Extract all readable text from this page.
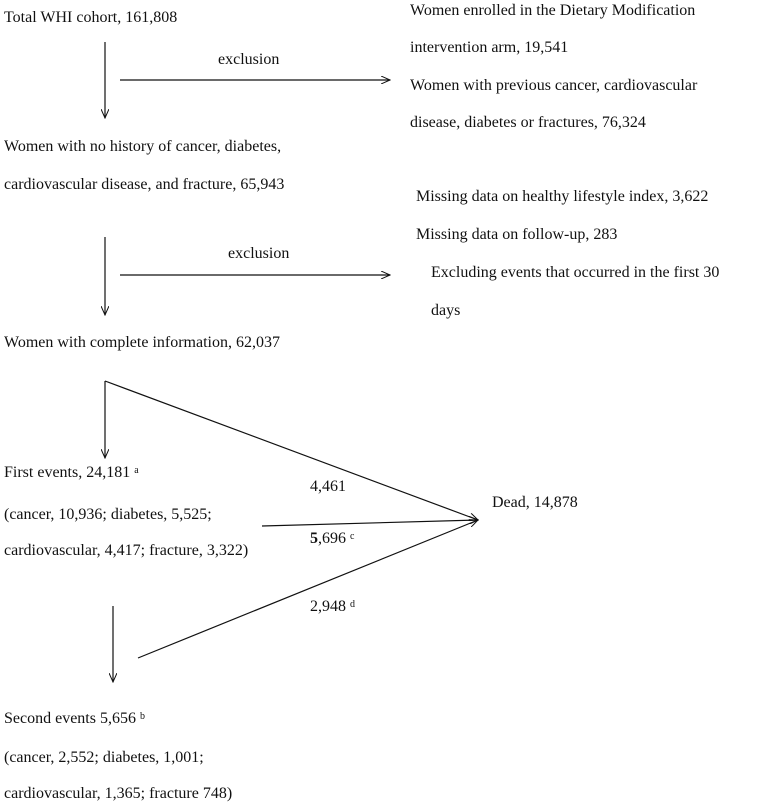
Total WHI cohort, 161,808
exclusion
Women enrolled in the Dietary Modification
intervention arm, 19,541
Women with previous cancer, cardiovascular
disease, diabetes or fractures, 76,324
Women with no history of cancer, diabetes,
cardiovascular disease, and fracture, 65,943
exclusion
Missing data on healthy lifestyle index, 3,622
Missing data on follow-up, 283
Excluding events that occurred in the first 30
days
Women with complete information, 62,037
First events, 24,181 $^a$
(cancer, 10,936; diabetes, 5,525;
cardiovascular, 4,417; fracture, 3,322)
Dead, 14,878
4,461
5,696 $^c$
2,948 $^d$
Second events 5,656 $^b$
(cancer, 2,552; diabetes, 1,001;
cardiovascular, 1,365; fracture 748)
